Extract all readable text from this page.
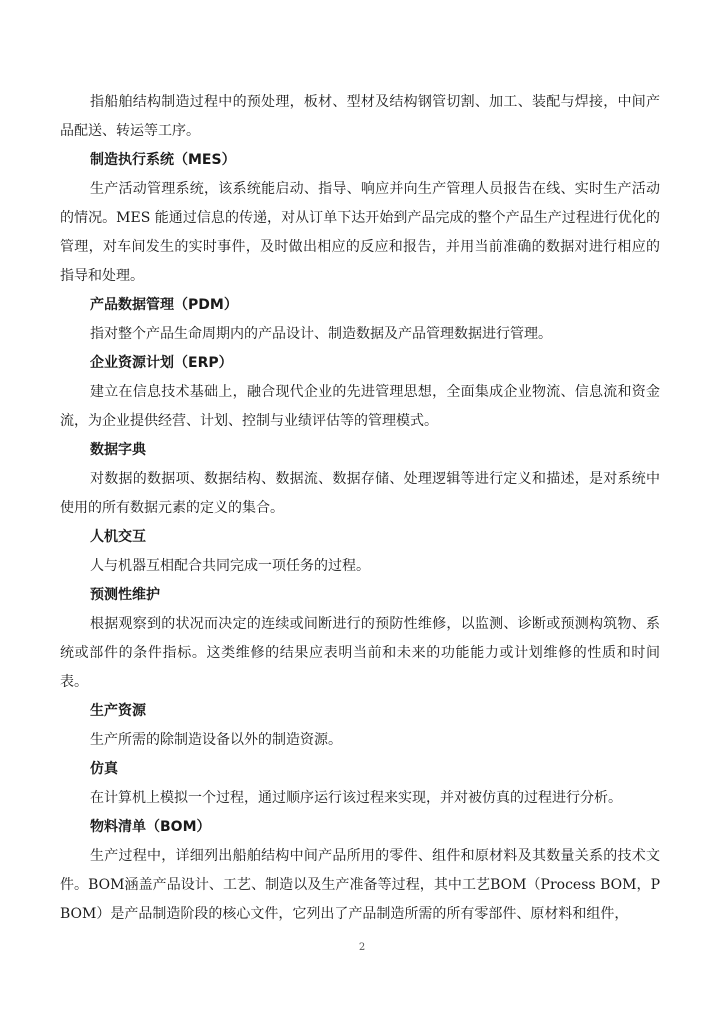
指船舶结构制造过程中的预处理，板材、型材及结构钢管切割、加工、装配与焊接，中间产品配送、转运等工序。

制造执行系统（MES）

生产活动管理系统，该系统能启动、指导、响应并向生产管理人员报告在线、实时生产活动的情况。MES 能通过信息的传递，对从订单下达开始到产品完成的整个产品生产过程进行优化的管理，对车间发生的实时事件，及时做出相应的反应和报告，并用当前准确的数据对进行相应的指导和处理。

产品数据管理（PDM）

指对整个产品生命周期内的产品设计、制造数据及产品管理数据进行管理。

企业资源计划（ERP）

建立在信息技术基础上，融合现代企业的先进管理思想，全面集成企业物流、信息流和资金流，为企业提供经营、计划、控制与业绩评估等的管理模式。

数据字典

对数据的数据项、数据结构、数据流、数据存储、处理逻辑等进行定义和描述，是对系统中使用的所有数据元素的定义的集合。

人机交互

人与机器互相配合共同完成一项任务的过程。

预测性维护

根据观察到的状况而决定的连续或间断进行的预防性维修，以监测、诊断或预测构筑物、系统或部件的条件指标。这类维修的结果应表明当前和未来的功能能力或计划维修的性质和时间表。

生产资源

生产所需的除制造设备以外的制造资源。

仿真

在计算机上模拟一个过程，通过顺序运行该过程来实现，并对被仿真的过程进行分析。

物料清单（BOM）

生产过程中，详细列出船舶结构中间产品所用的零件、组件和原材料及其数量关系的技术文件。BOM涵盖产品设计、工艺、制造以及生产准备等过程，其中工艺BOM（Process BOM，PBOM）是产品制造阶段的核心文件，它列出了产品制造所需的所有零部件、原材料和组件，

2
